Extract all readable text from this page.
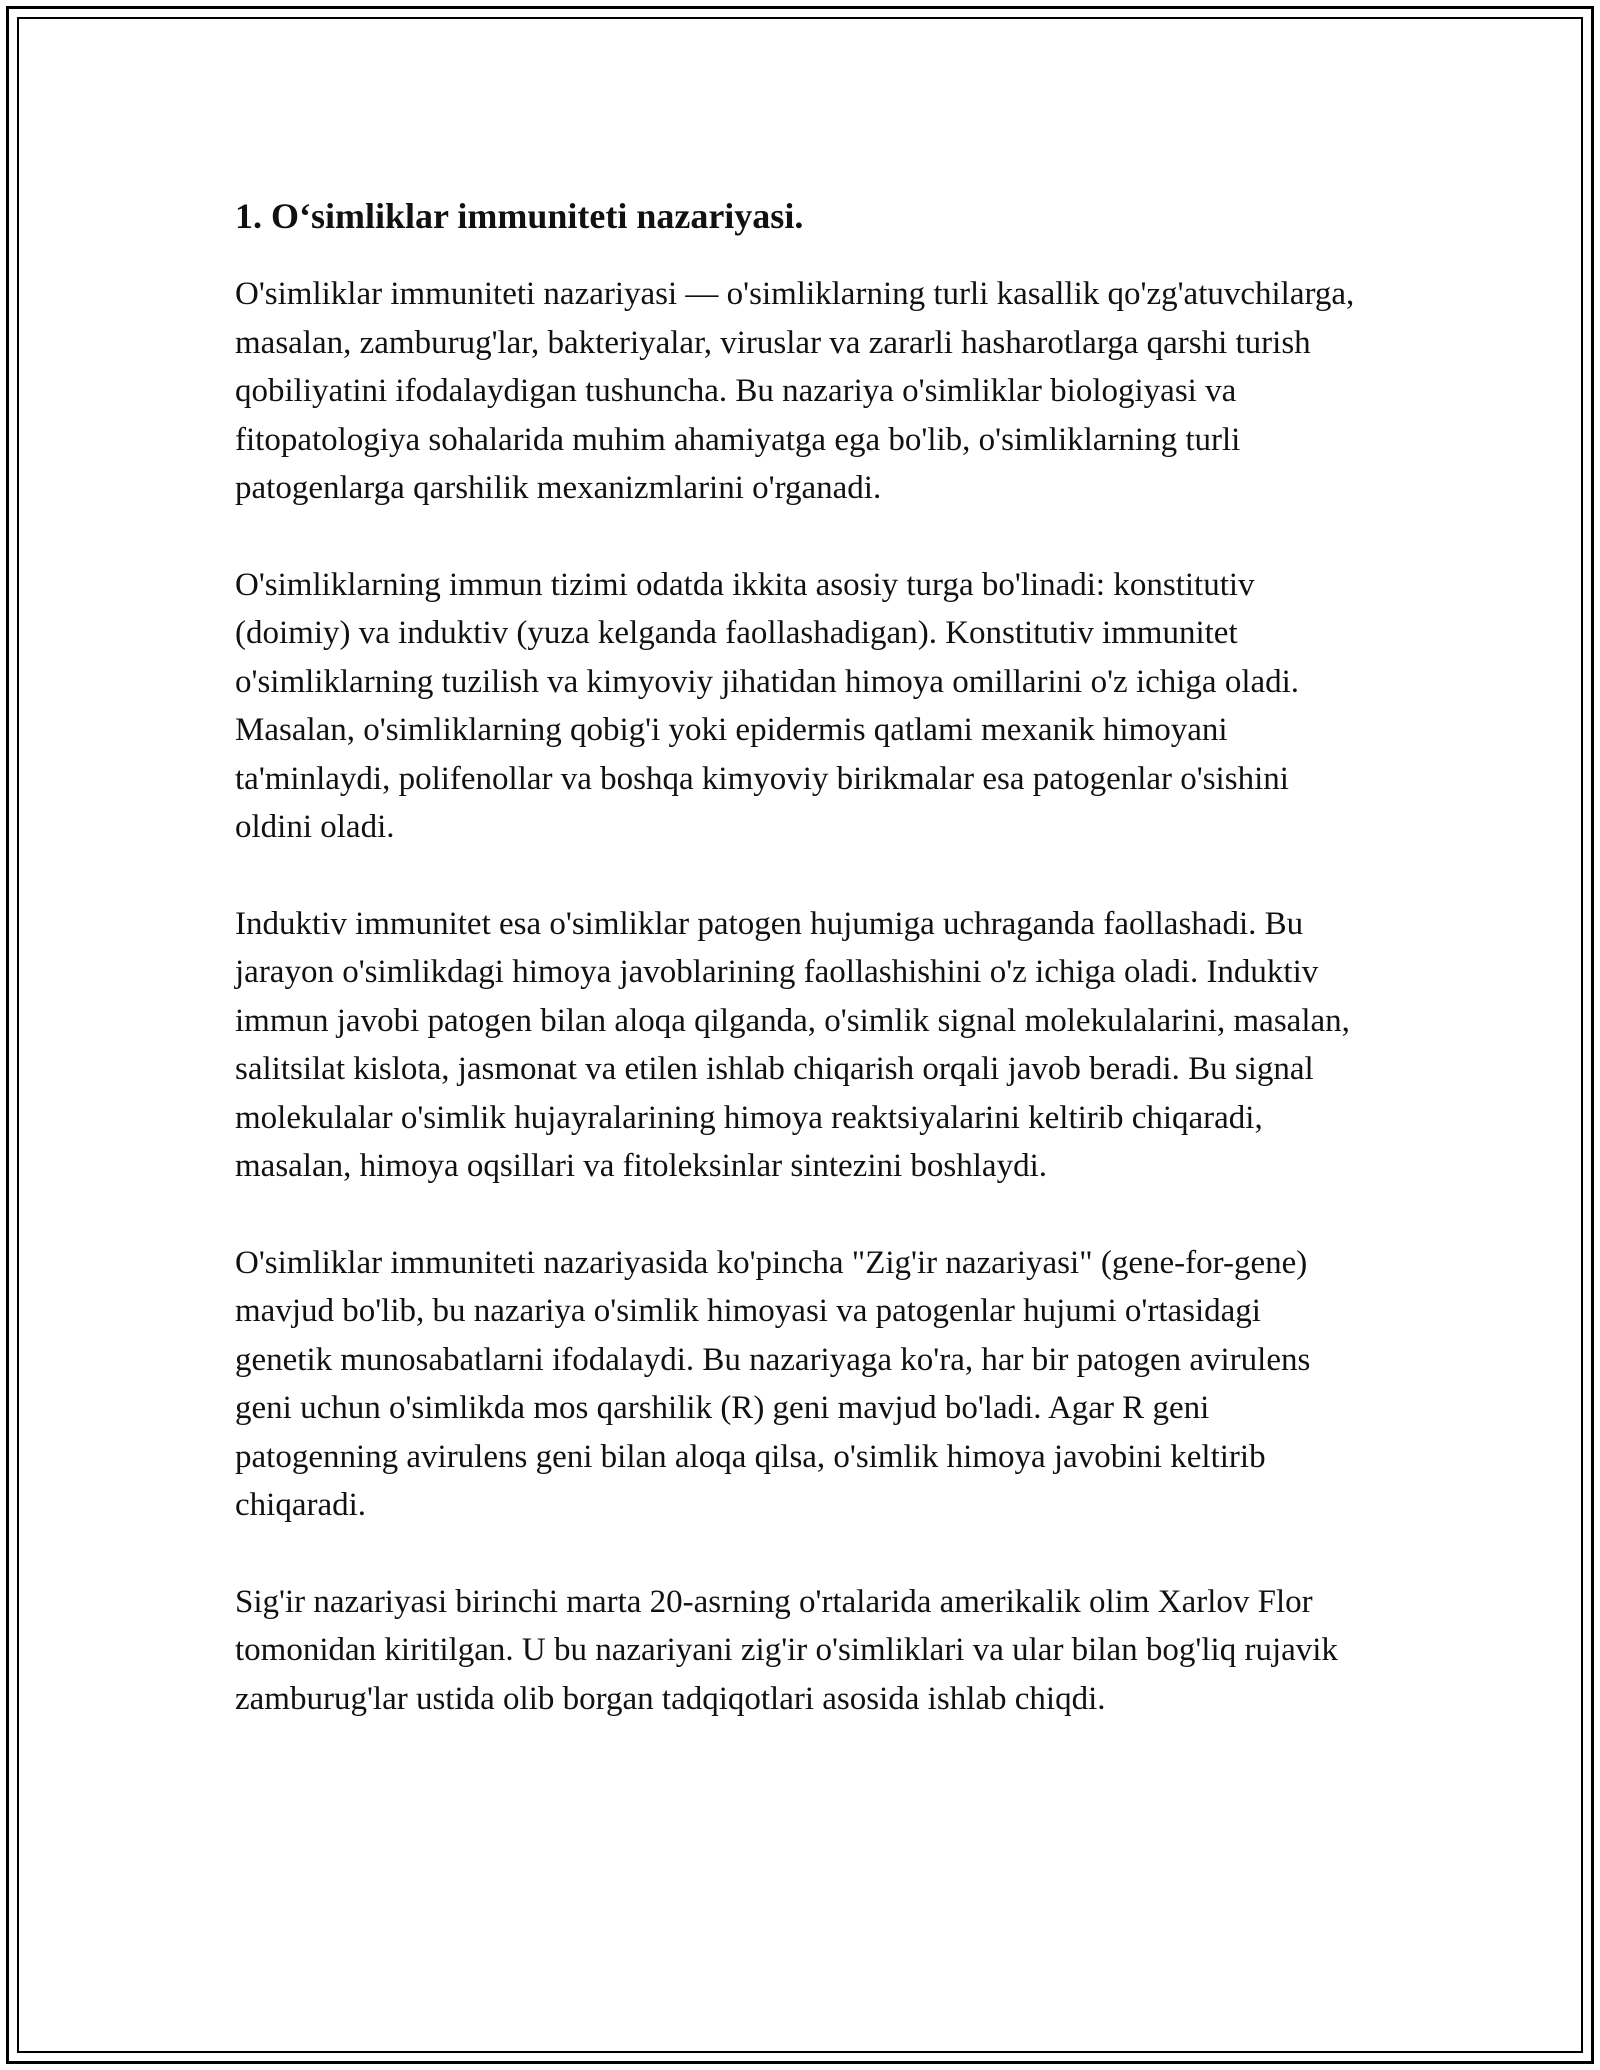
1. O‘simliklar immuniteti nazariyasi.

O'simliklar immuniteti nazariyasi — o'simliklarning turli kasallik qo'zg'atuvchilarga, masalan, zamburug'lar, bakteriyalar, viruslar va zararli hasharotlarga qarshi turish qobiliyatini ifodalaydigan tushuncha. Bu nazariya o'simliklar biologiyasi va fitopatologiya sohalarida muhim ahamiyatga ega bo'lib, o'simliklarning turli patogenlarga qarshilik mexanizmlarini o'rganadi.

O'simliklarning immun tizimi odatda ikkita asosiy turga bo'linadi: konstitutiv (doimiy) va induktiv (yuza kelganda faollashadigan). Konstitutiv immunitet o'simliklarning tuzilish va kimyoviy jihatidan himoya omillarini o'z ichiga oladi. Masalan, o'simliklarning qobig'i yoki epidermis qatlami mexanik himoyani ta'minlaydi, polifenollar va boshqa kimyoviy birikmalar esa patogenlar o'sishini oldini oladi.

Induktiv immunitet esa o'simliklar patogen hujumiga uchraganda faollashadi. Bu jarayon o'simlikdagi himoya javoblarining faollashishini o'z ichiga oladi. Induktiv immun javobi patogen bilan aloqa qilganda, o'simlik signal molekulalarini, masalan, salitsilat kislota, jasmonat va etilen ishlab chiqarish orqali javob beradi. Bu signal molekulalar o'simlik hujayralarining himoya reaktsiyalarini keltirib chiqaradi, masalan, himoya oqsillari va fitoleksinlar sintezini boshlaydi.

O'simliklar immuniteti nazariyasida ko'pincha "Zig'ir nazariyasi" (gene-for-gene) mavjud bo'lib, bu nazariya o'simlik himoyasi va patogenlar hujumi o'rtasidagi genetik munosabatlarni ifodalaydi. Bu nazariyaga ko'ra, har bir patogen avirulens geni uchun o'simlikda mos qarshilik (R) geni mavjud bo'ladi. Agar R geni patogenning avirulens geni bilan aloqa qilsa, o'simlik himoya javobini keltirib chiqaradi.

Sig'ir nazariyasi birinchi marta 20-asrning o'rtalarida amerikalik olim Xarlov Flor tomonidan kiritilgan. U bu nazariyani zig'ir o'simliklari va ular bilan bog'liq rujavik zamburug'lar ustida olib borgan tadqiqotlari asosida ishlab chiqdi.
